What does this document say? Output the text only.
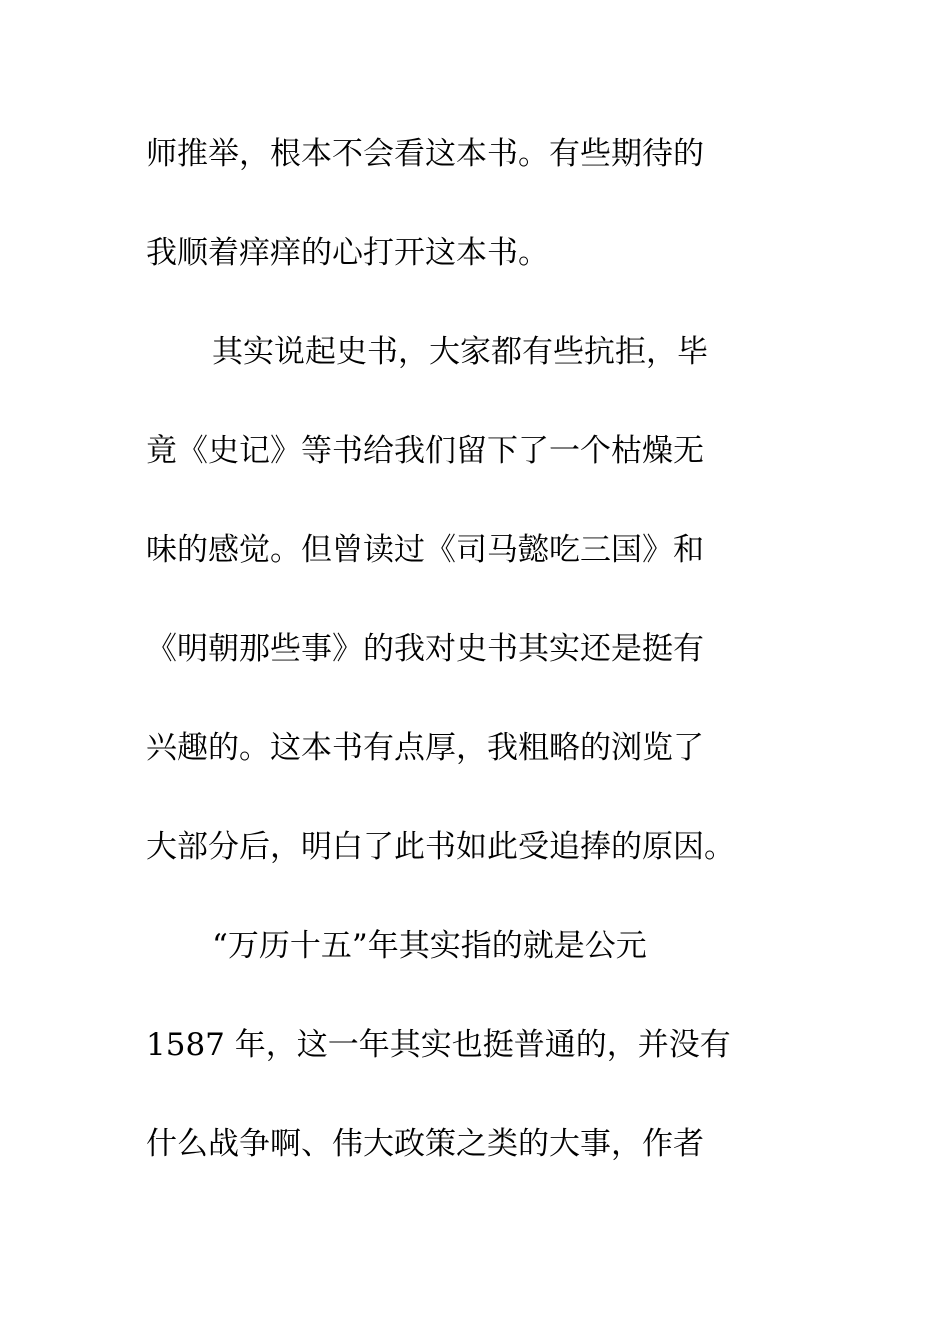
师推举，根本不会看这本书。有些期待的
我顺着痒痒的心打开这本书。
其实说起史书，大家都有些抗拒，毕
竟《史记》等书给我们留下了一个枯燥无
味的感觉。但曾读过《司马懿吃三国》和
《明朝那些事》的我对史书其实还是挺有
兴趣的。这本书有点厚，我粗略的浏览了
大部分后，明白了此书如此受追捧的原因。
“万历十五”年其实指的就是公元
1587 年，这一年其实也挺普通的，并没有
什么战争啊、伟大政策之类的大事，作者
